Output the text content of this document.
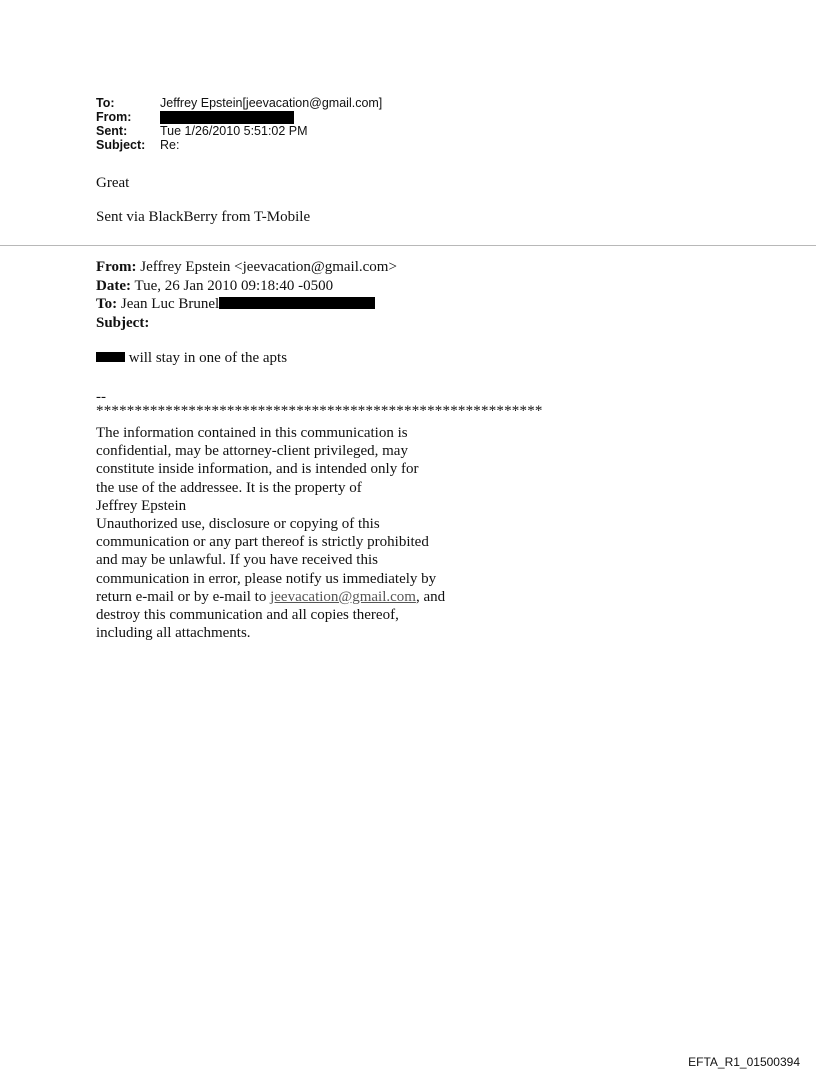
To:	Jeffrey Epstein[jeevacation@gmail.com]
From:
Sent:	Tue 1/26/2010 5:51:02 PM
Subject:	Re:
Great
Sent via BlackBerry from T-Mobile
From: Jeffrey Epstein <jeevacation@gmail.com>
Date: Tue, 26 Jan 2010 09:18:40 -0500
To: Jean Luc Brunel
Subject:
will stay in one of the apts
--
**********************************************************
The information contained in this communication is
confidential, may be attorney-client privileged, may
constitute inside information, and is intended only for
the use of the addressee. It is the property of
Jeffrey Epstein
Unauthorized use, disclosure or copying of this
communication or any part thereof is strictly prohibited
and may be unlawful. If you have received this
communication in error, please notify us immediately by
return e-mail or by e-mail to jeevacation@gmail.com, and
destroy this communication and all copies thereof,
including all attachments.
EFTA_R1_01500394
